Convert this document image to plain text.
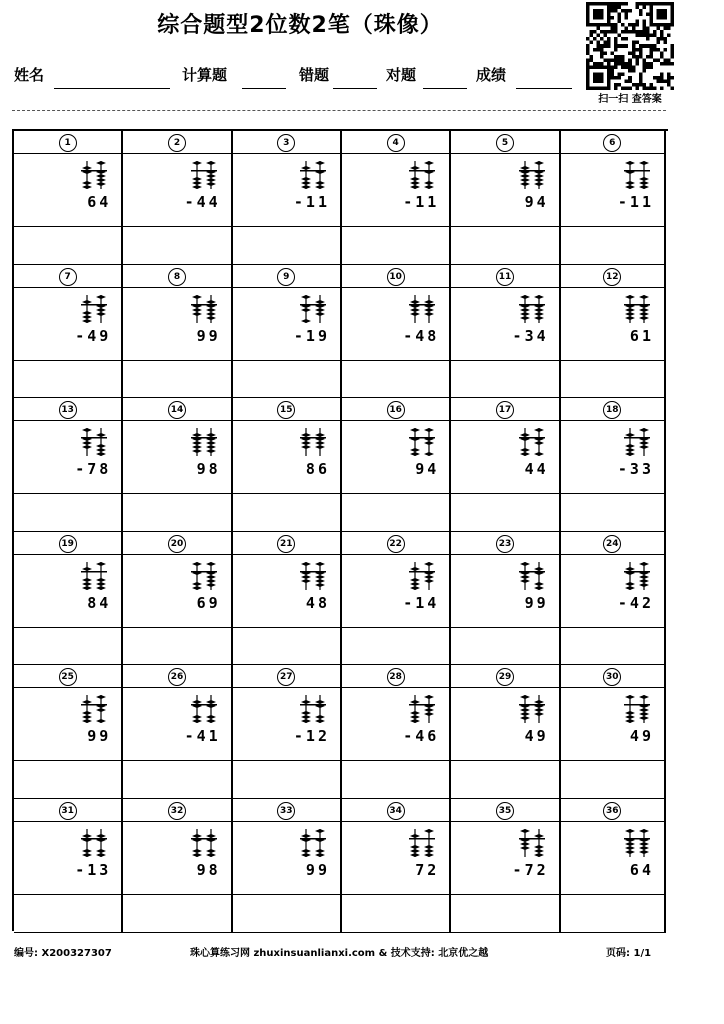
综合题型2位数2笔（珠像）
扫一扫 查答案
姓名	计算题	错题	对题	成绩
1
64
2
-44
3
-11
4
-11
5
94
6
-11
7
-49
8
99
9
-19
10
-48
11
-34
12
61
13
-78
14
98
15
86
16
94
17
44
18
-33
19
84
20
69
21
48
22
-14
23
99
24
-42
25
99
26
-41
27
-12
28
-46
29
49
30
49
31
-13
32
98
33
99
34
72
35
-72
36
64
编号: X200327307	珠心算练习网 zhuxinsuanlianxi.com & 技术支持: 北京优之越	页码: 1/1
